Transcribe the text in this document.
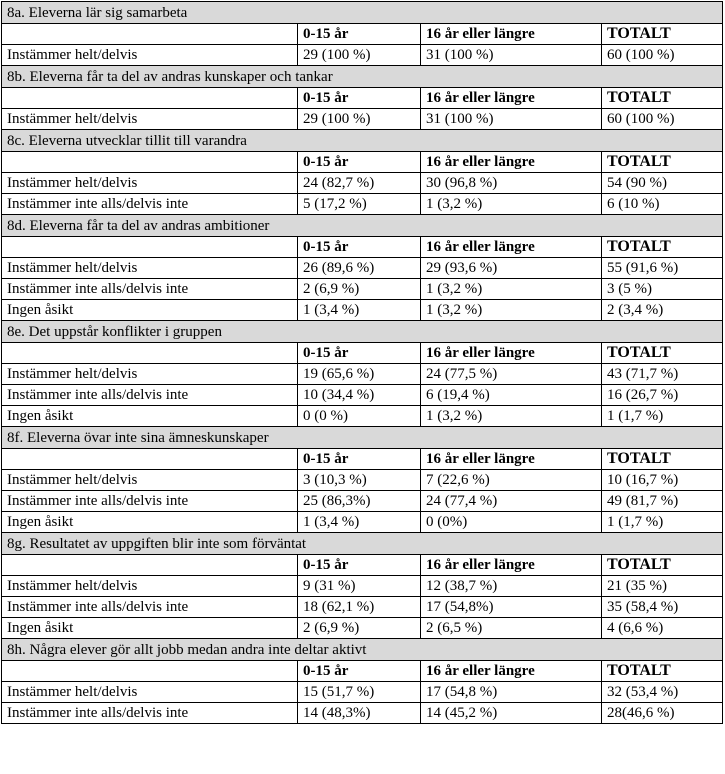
8a. Eleverna lär sig samarbeta			
	0-15 år	16 år eller längre	TOTALT
Instämmer helt/delvis	29 (100 %)	31 (100 %)	60 (100 %)
8b. Eleverna får ta del av andras kunskaper och tankar			
	0-15 år	16 år eller längre	TOTALT
Instämmer helt/delvis	29 (100 %)	31 (100 %)	60 (100 %)
8c. Eleverna utvecklar tillit till varandra			
	0-15 år	16 år eller längre	TOTALT
Instämmer helt/delvis	24 (82,7 %)	30 (96,8 %)	54 (90 %)
Instämmer inte alls/delvis inte	5 (17,2 %)	1 (3,2 %)	6 (10 %)
8d. Eleverna får ta del av andras ambitioner			
	0-15 år	16 år eller längre	TOTALT
Instämmer helt/delvis	26 (89,6 %)	29 (93,6 %)	55 (91,6 %)
Instämmer inte alls/delvis inte	2 (6,9 %)	1 (3,2 %)	3 (5 %)
Ingen åsikt	1 (3,4 %)	1 (3,2 %)	2 (3,4 %)
8e. Det uppstår konflikter i gruppen			
	0-15 år	16 år eller längre	TOTALT
Instämmer helt/delvis	19 (65,6 %)	24 (77,5 %)	43 (71,7 %)
Instämmer inte alls/delvis inte	10 (34,4 %)	6 (19,4 %)	16 (26,7 %)
Ingen åsikt	0 (0 %)	1 (3,2 %)	1 (1,7 %)
8f. Eleverna övar inte sina ämneskunskaper			
	0-15 år	16 år eller längre	TOTALT
Instämmer helt/delvis	3 (10,3 %)	7 (22,6 %)	10 (16,7 %)
Instämmer inte alls/delvis inte	25 (86,3%)	24 (77,4 %)	49 (81,7 %)
Ingen åsikt	1 (3,4 %)	0 (0%)	1 (1,7 %)
8g. Resultatet av uppgiften blir inte som förväntat			
	0-15 år	16 år eller längre	TOTALT
Instämmer helt/delvis	9 (31 %)	12 (38,7 %)	21 (35 %)
Instämmer inte alls/delvis inte	18 (62,1 %)	17 (54,8%)	35 (58,4 %)
Ingen åsikt	2 (6,9 %)	2 (6,5 %)	4 (6,6 %)
8h. Några elever gör allt jobb medan andra inte deltar aktivt			
	0-15 år	16 år eller längre	TOTALT
Instämmer helt/delvis	15 (51,7 %)	17 (54,8 %)	32 (53,4 %)
Instämmer inte alls/delvis inte	14 (48,3%)	14 (45,2 %)	28(46,6 %)
